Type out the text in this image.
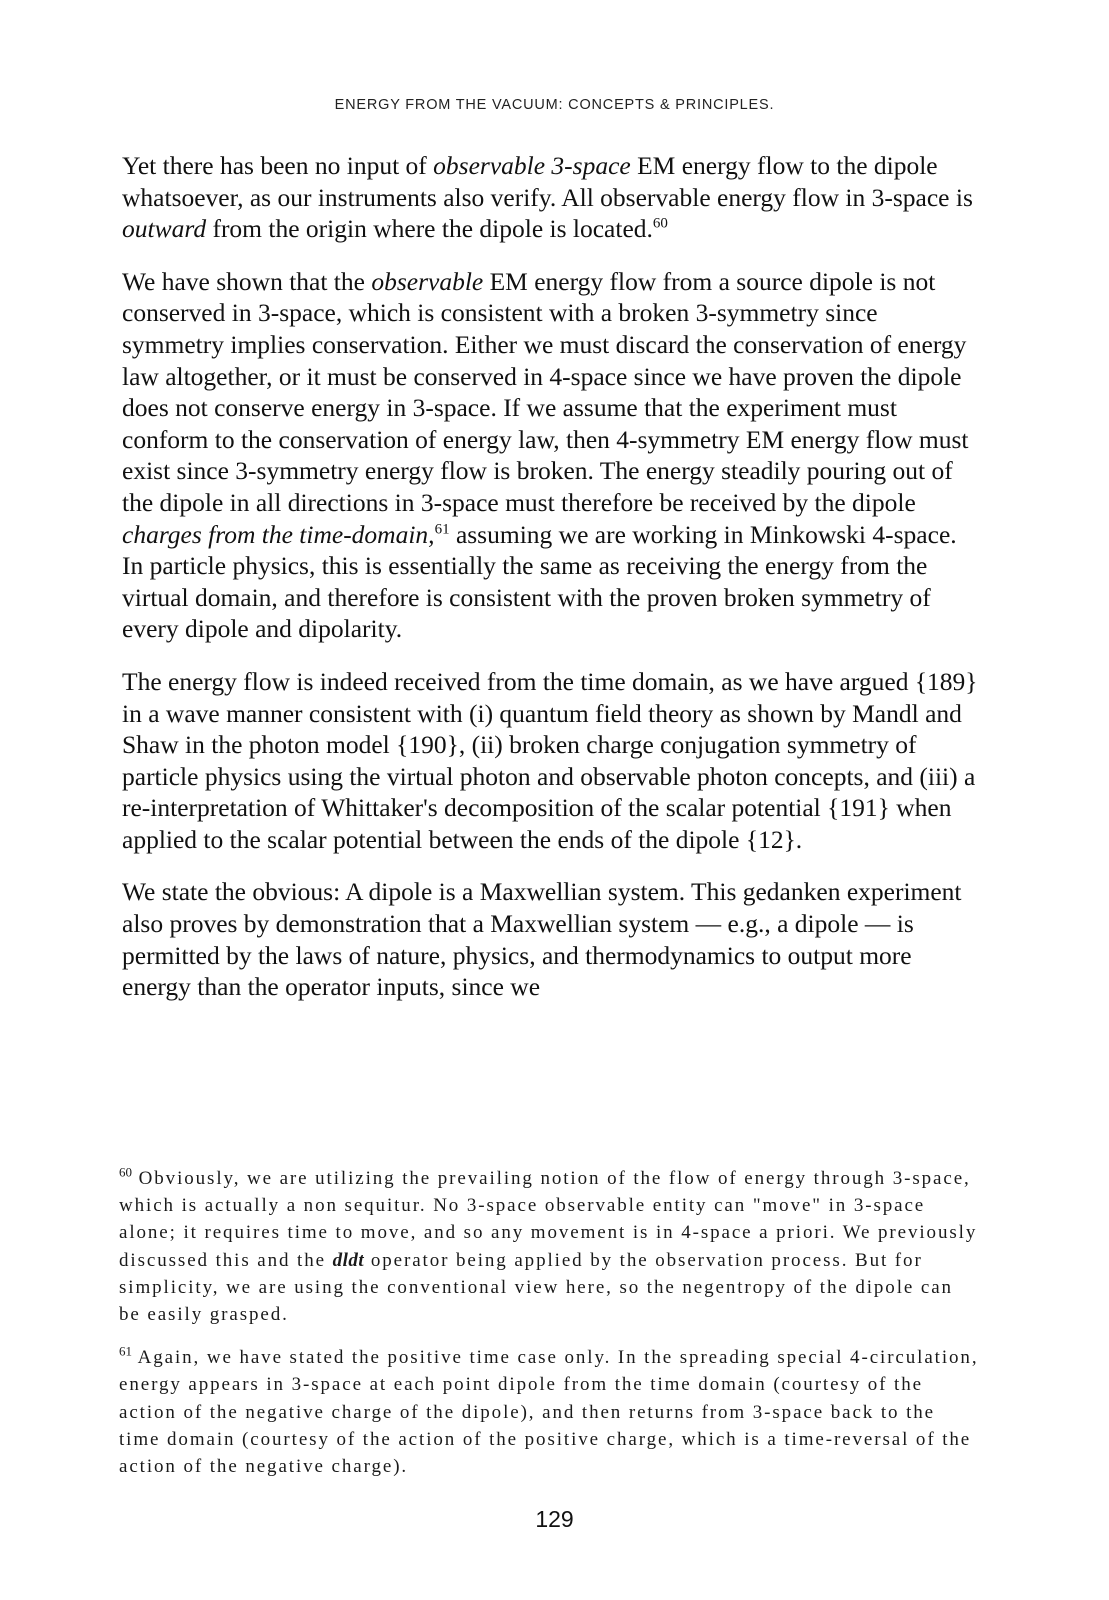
ENERGY FROM THE VACUUM: CONCEPTS & PRINCIPLES.

Yet there has been no input of observable 3-space EM energy flow to the dipole whatsoever, as our instruments also verify. All observable energy flow in 3-space is outward from the origin where the dipole is located.$^{60}$

We have shown that the observable EM energy flow from a source dipole is not conserved in 3-space, which is consistent with a broken 3-symmetry since symmetry implies conservation. Either we must discard the conservation of energy law altogether, or it must be conserved in 4-space since we have proven the dipole does not conserve energy in 3-space. If we assume that the experiment must conform to the conservation of energy law, then 4-symmetry EM energy flow must exist since 3-symmetry energy flow is broken. The energy steadily pouring out of the dipole in all directions in 3-space must therefore be received by the dipole charges from the time-domain,$^{61}$ assuming we are working in Minkowski 4-space. In particle physics, this is essentially the same as receiving the energy from the virtual domain, and therefore is consistent with the proven broken symmetry of every dipole and dipolarity.

The energy flow is indeed received from the time domain, as we have argued {189} in a wave manner consistent with (i) quantum field theory as shown by Mandl and Shaw in the photon model {190}, (ii) broken charge conjugation symmetry of particle physics using the virtual photon and observable photon concepts, and (iii) a re-interpretation of Whittaker's decomposition of the scalar potential {191} when applied to the scalar potential between the ends of the dipole {12}.

We state the obvious: A dipole is a Maxwellian system. This gedanken experiment also proves by demonstration that a Maxwellian system — e.g., a dipole — is permitted by the laws of nature, physics, and thermodynamics to output more energy than the operator inputs, since we

$^{60}$ Obviously, we are utilizing the prevailing notion of the flow of energy through 3-space, which is actually a non sequitur. No 3-space observable entity can "move" in 3-space alone; it requires time to move, and so any movement is in 4-space a priori. We previously discussed this and the dldt operator being applied by the observation process. But for simplicity, we are using the conventional view here, so the negentropy of the dipole can be easily grasped.

$^{61}$ Again, we have stated the positive time case only. In the spreading special 4-circulation, energy appears in 3-space at each point dipole from the time domain (courtesy of the action of the negative charge of the dipole), and then returns from 3-space back to the time domain (courtesy of the action of the positive charge, which is a time-reversal of the action of the negative charge).

129
